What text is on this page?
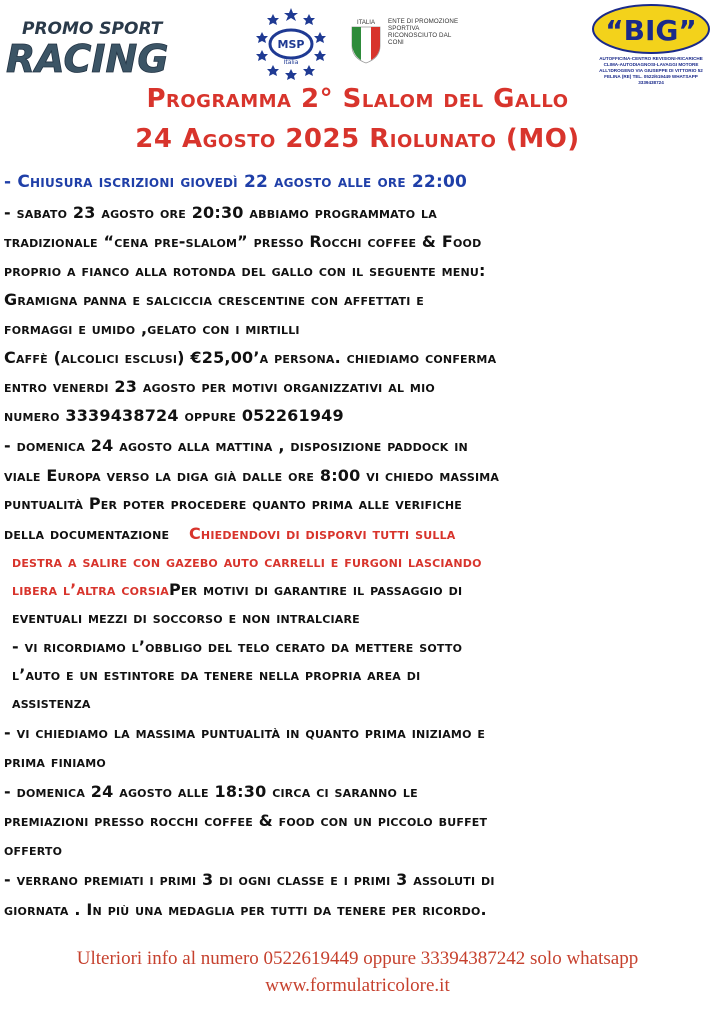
PROMO SPORT
RACING	MSP
Italia
ITALIA ENTE DI PROMOZIONE SPORTIVA RICONOSCIUTO DAL CONI	“BIG”
AUTOFFICINA-CENTRO REVISIONI-RICARICHE CLIMA-AUTODIAGNOSI-LAVAGGI MOTORE ALL'IDROGENO VIA GIUSEPPE DI VITTORIO 52 FELINA (RE) TEL. 0522/619449 WHATSAPP 3339438724
Programma 2° Slalom del Gallo
24 Agosto 2025 Riolunato (MO)
- Chiusura iscrizioni giovedì 22 agosto alle ore 22:00
- sabato 23 agosto ore 20:30 abbiamo programmato la
tradizionale “cena pre-slalom” presso Rocchi coffee & Food
proprio a fianco alla rotonda del gallo con il seguente menu:
Gramigna panna e salciccia crescentine con affettati e
formaggi e umido ,gelato con i mirtilli
Caffè (alcolici esclusi) €25,00’a persona. chiediamo conferma
entro venerdi 23 agosto per motivi organizzativi al mio
numero 3339438724 oppure 052261949
- domenica 24 agosto alla mattina , disposizione paddock in
viale Europa verso la diga già dalle ore 8:00 vi chiedo massima
puntualità Per poter procedere quanto prima alle verifiche
della documentazione Chiedendovi di disporvi tutti sulla
destra a salire con gazebo auto carrelli e furgoni lasciando
libera l’altra corsiaPer motivi di garantire il passaggio di
eventuali mezzi di soccorso e non intralciare
- vi ricordiamo l’obbligo del telo cerato da mettere sotto
l’auto e un estintore da tenere nella propria area di
assistenza
- vi chiediamo la massima puntualità in quanto prima iniziamo e
prima finiamo
- domenica 24 agosto alle 18:30 circa ci saranno le
premiazioni presso rocchi coffee & food con un piccolo buffet
offerto
- verrano premiati i primi 3 di ogni classe e i primi 3 assoluti di
giornata . In più una medaglia per tutti da tenere per ricordo.
Ulteriori info al numero 0522619449 oppure 33394387242 solo whatsapp
www.formulatricolore.it
